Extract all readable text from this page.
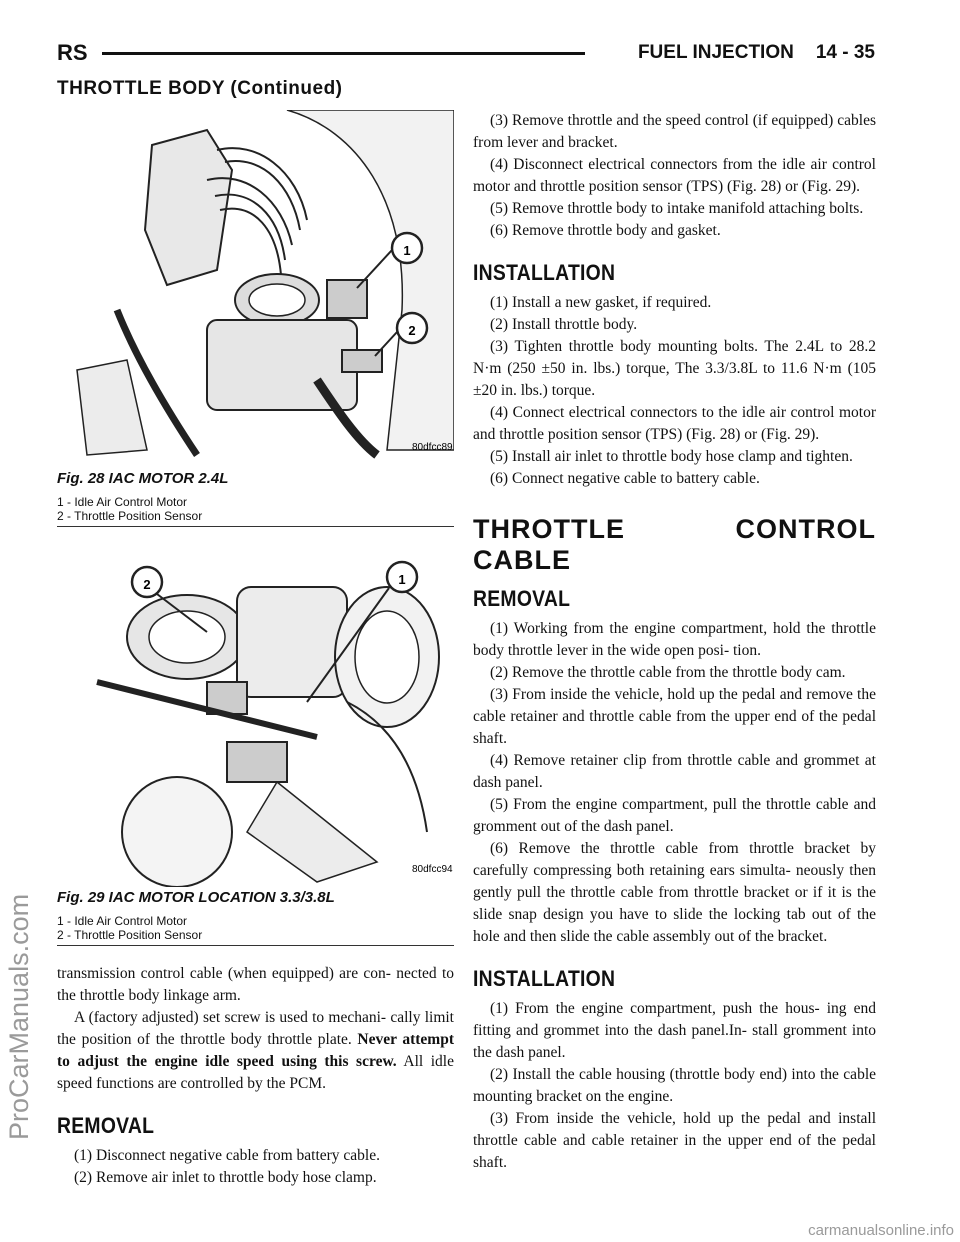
RS	FUEL INJECTION 14 - 35
THROTTLE BODY (Continued)
1
2
80dfcc89
Fig. 28 IAC MOTOR 2.4L
1 - Idle Air Control Motor
2 - Throttle Position Sensor
2	1
80dfcc94
Fig. 29 IAC MOTOR LOCATION 3.3/3.8L
1 - Idle Air Control Motor
2 - Throttle Position Sensor

transmission control cable (when equipped) are con- nected to the throttle body linkage arm.

A (factory adjusted) set screw is used to mechani- cally limit the position of the throttle body throttle plate. Never attempt to adjust the engine idle speed using this screw. All idle speed functions are controlled by the PCM.

REMOVAL

(1) Disconnect negative cable from battery cable.

(2) Remove air inlet to throttle body hose clamp.

(3) Remove throttle and the speed control (if equipped) cables from lever and bracket.

(4) Disconnect electrical connectors from the idle air control motor and throttle position sensor (TPS) (Fig. 28) or (Fig. 29).

(5) Remove throttle body to intake manifold attaching bolts.

(6) Remove throttle body and gasket.

INSTALLATION

(1) Install a new gasket, if required.

(2) Install throttle body.

(3) Tighten throttle body mounting bolts. The 2.4L to 28.2 N·m (250 ±50 in. lbs.) torque, The 3.3/3.8L to 11.6 N·m (105 ±20 in. lbs.) torque.

(4) Connect electrical connectors to the idle air control motor and throttle position sensor (TPS) (Fig. 28) or (Fig. 29).

(5) Install air inlet to throttle body hose clamp and tighten.

(6) Connect negative cable to battery cable.

THROTTLE CONTROL CABLE
REMOVAL

(1) Working from the engine compartment, hold the throttle body throttle lever in the wide open posi- tion.

(2) Remove the throttle cable from the throttle body cam.

(3) From inside the vehicle, hold up the pedal and remove the cable retainer and throttle cable from the upper end of the pedal shaft.

(4) Remove retainer clip from throttle cable and grommet at dash panel.

(5) From the engine compartment, pull the throttle cable and gromment out of the dash panel.

(6) Remove the throttle cable from throttle bracket by carefully compressing both retaining ears simulta- neously then gently pull the throttle cable from throttle bracket or if it is the slide snap design you have to slide the locking tab out of the hole and then slide the cable assembly out of the bracket.

INSTALLATION

(1) From the engine compartment, push the hous- ing end fitting and grommet into the dash panel.In- stall gromment into the dash panel.

(2) Install the cable housing (throttle body end) into the cable mounting bracket on the engine.

(3) From inside the vehicle, hold up the pedal and install throttle cable and cable retainer in the upper end of the pedal shaft.

ProCarManuals.com
carmanualsonline.info
